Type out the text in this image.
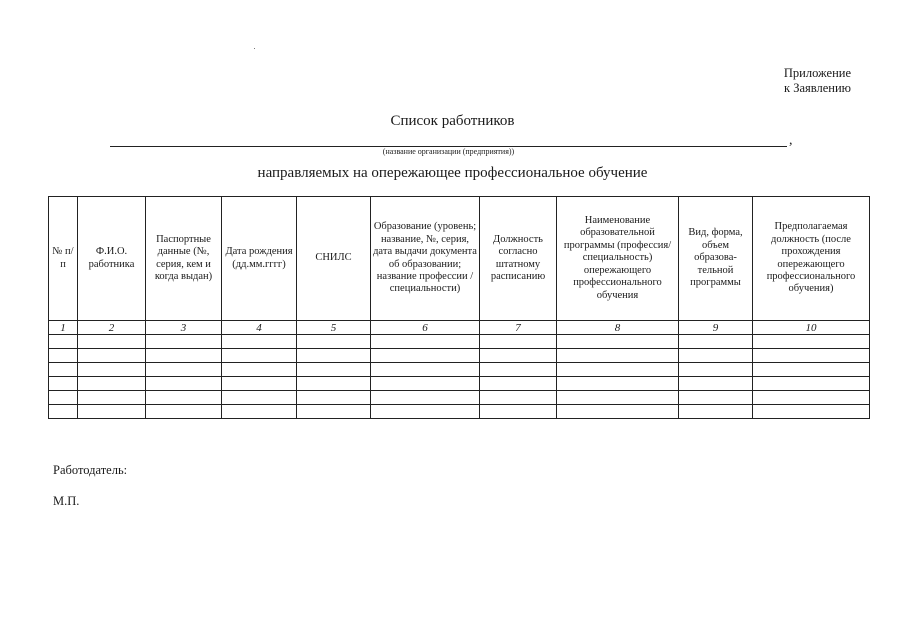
Приложение
к Заявлению
Список работников
,
(название организации (предприятия))
направляемых на опережающее профессиональное обучение
№ п/п	Ф.И.О. работника	Паспортные данные (№, серия, кем и когда выдан)	Дата рождения (дд.мм.гггг)	СНИЛС	Образование (уровень; название, №, серия, дата выдачи документа об образовании; название профессии / специальности)	Должность согласно штатному расписанию	Наименование образовательной программы (профессия/специальность) опережающего профессионального обучения	Вид, форма, объем образова-тельной программы	Предполагаемая должность (после прохождения опережающего профессионального обучения)
1	2	3	4	5	6	7	8	9	10

Работодатель:
М.П.
